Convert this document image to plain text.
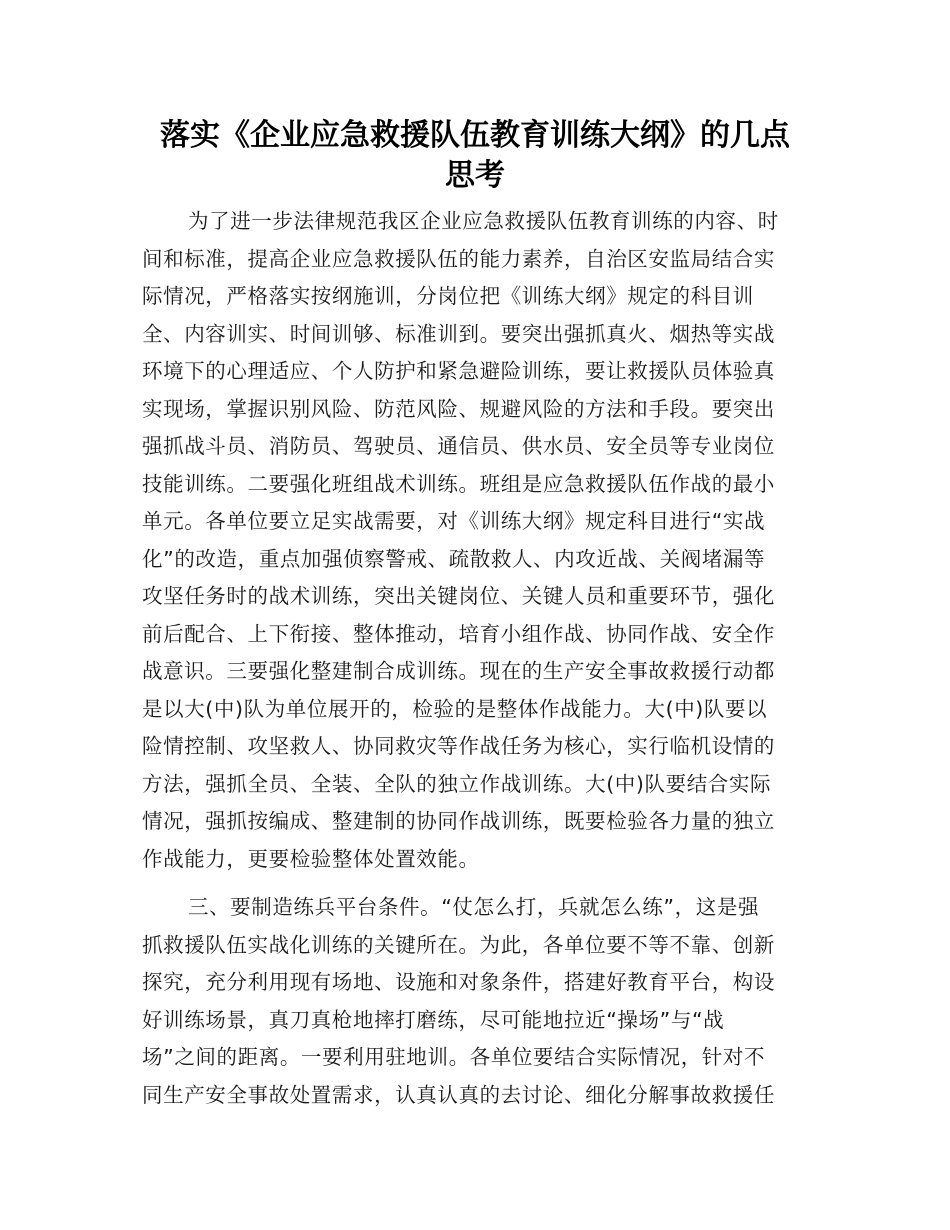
落实《企业应急救援队伍教育训练大纲》的几点
思考
为了进一步法律规范我区企业应急救援队伍教育训练的内容、时
间和标准，提高企业应急救援队伍的能力素养，自治区安监局结合实
际情况，严格落实按纲施训，分岗位把《训练大纲》规定的科目训
全、内容训实、时间训够、标准训到。要突出强抓真火、烟热等实战
环境下的心理适应、个人防护和紧急避险训练，要让救援队员体验真
实现场，掌握识别风险、防范风险、规避风险的方法和手段。要突出
强抓战斗员、消防员、驾驶员、通信员、供水员、安全员等专业岗位
技能训练。二要强化班组战术训练。班组是应急救援队伍作战的最小
单元。各单位要立足实战需要，对《训练大纲》规定科目进行“实战
化”的改造，重点加强侦察警戒、疏散救人、内攻近战、关阀堵漏等
攻坚任务时的战术训练，突出关键岗位、关键人员和重要环节，强化
前后配合、上下衔接、整体推动，培育小组作战、协同作战、安全作
战意识。三要强化整建制合成训练。现在的生产安全事故救援行动都
是以大(中)队为单位展开的，检验的是整体作战能力。大(中)队要以
险情控制、攻坚救人、协同救灾等作战任务为核心，实行临机设情的
方法，强抓全员、全装、全队的独立作战训练。大(中)队要结合实际
情况，强抓按编成、整建制的协同作战训练，既要检验各力量的独立
作战能力，更要检验整体处置效能。
三、要制造练兵平台条件。“仗怎么打，兵就怎么练”，这是强
抓救援队伍实战化训练的关键所在。为此，各单位要不等不靠、创新
探究，充分利用现有场地、设施和对象条件，搭建好教育平台，构设
好训练场景，真刀真枪地摔打磨练，尽可能地拉近“操场”与“战
场”之间的距离。一要利用驻地训。各单位要结合实际情况，针对不
同生产安全事故处置需求，认真认真的去讨论、细化分解事故救援任
